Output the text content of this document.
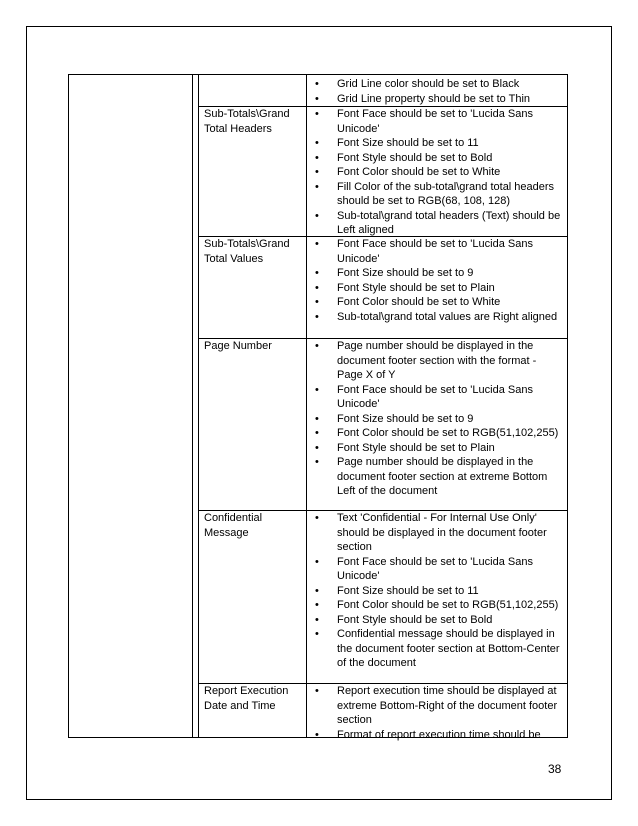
• Grid Line color should be set to Black
• Grid Line property should be set to Thin
Sub-Totals\Grand Total Headers
• Font Face should be set to 'Lucida Sans Unicode'
• Font Size should be set to 11
• Font Style should be set to Bold
• Font Color should be set to White
• Fill Color of the sub-total\grand total headers should be set to RGB(68, 108, 128)
• Sub-total\grand total headers (Text) should be Left aligned
Sub-Totals\Grand Total Values
• Font Face should be set to 'Lucida Sans Unicode'
• Font Size should be set to 9
• Font Style should be set to Plain
• Font Color should be set to White
• Sub-total\grand total values are Right aligned
Page Number
•	Page number should be displayed in the document footer section with the format - Page X of Y
• Font Face should be set to 'Lucida Sans Unicode'
• Font Size should be set to 9
• Font Color should be set to RGB(51,102,255)
• Font Style should be set to Plain
• Page number should be displayed in the document footer section at extreme Bottom Left of the document
Confidential Message
• Text 'Confidential - For Internal Use Only' should be displayed in the document footer section
• Font Face should be set to 'Lucida Sans Unicode'
• Font Size should be set to 11
• Font Color should be set to RGB(51,102,255)
• Font Style should be set to Bold
• Confidential message should be displayed in the document footer section at Bottom-Center of the document
Report Execution Date and Time
• Report execution time should be displayed at extreme Bottom-Right of the document footer section
• Format of report execution time should be
38
